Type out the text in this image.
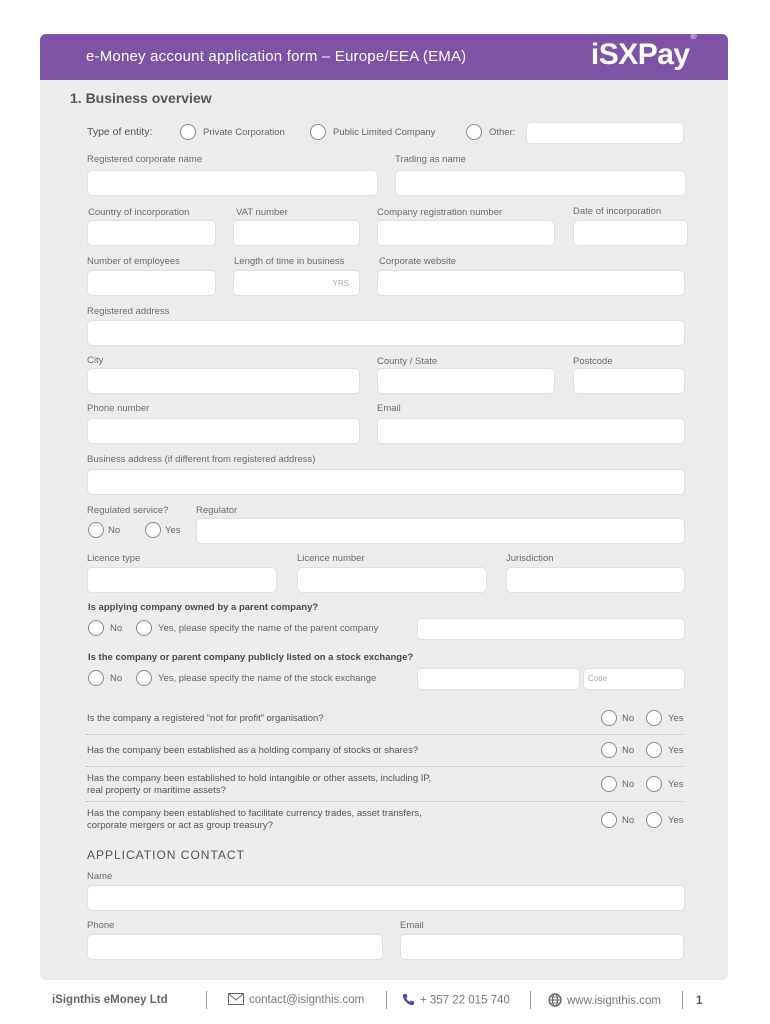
e-Money account application form – Europe/EEA (EMA)	iSXPay®
1. Business overview
Type of entity:	Private Corporation	Public Limited Company	Other:
Registered corporate name	Trading as name
Country of incorporation	VAT number	Company registration number	Date of incorporation
Number of employees	Length of time in business	Corporate website
YRS
Registered address
City	County / State	Postcode
Phone number	Email
Business address (if different from registered address)
Regulated service?	Regulator
No	Yes
Licence type	Licence number	Jurisdiction
Is applying company owned by a parent company?
No	Yes, please specify the name of the parent company
Is the company or parent company publicly listed on a stock exchange?
No	Yes, please specify the name of the stock exchange	Code
Is the company a registered “not for profit” organisation?	No	Yes
Has the company been established as a holding company of stocks or shares?	No	Yes
Has the company been established to hold intangible or other assets, including IP,
real property or maritime assets?
No	Yes
Has the company been established to facilitate currency trades, asset transfers,
corporate mergers or act as group treasury?	No	Yes
APPLICATION CONTACT
Name
Phone	Email
iSignthis eMoney Ltd	contact@isignthis.com	+ 357 22 015 740	www.isignthis.com	1
